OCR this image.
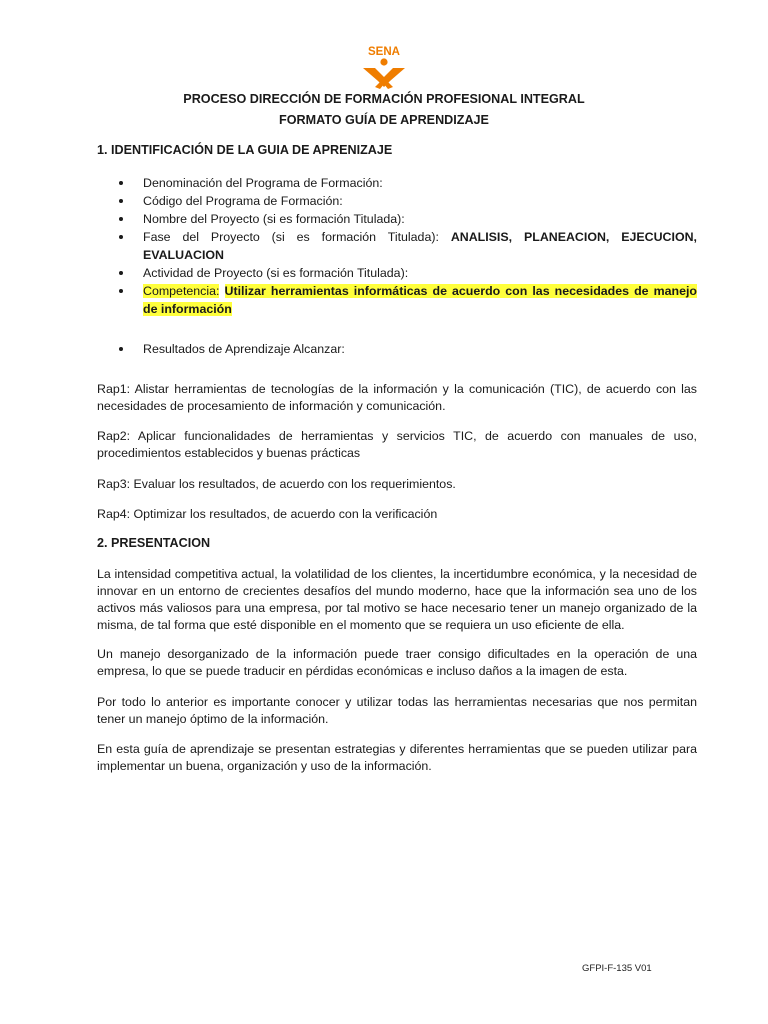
SENA
PROCESO DIRECCIÓN DE FORMACIÓN PROFESIONAL INTEGRAL
FORMATO GUÍA DE APRENDIZAJE
1. IDENTIFICACIÓN DE LA GUIA DE APRENIZAJE
Denominación del Programa de Formación:
Código del Programa de Formación:
Nombre del Proyecto (si es formación Titulada):
Fase del Proyecto (si es formación Titulada): ANALISIS, PLANEACION, EJECUCION, EVALUACION
Actividad de Proyecto (si es formación Titulada):
Competencia: Utilizar herramientas informáticas de acuerdo con las necesidades de manejo de información
Resultados de Aprendizaje Alcanzar:

Rap1: Alistar herramientas de tecnologías de la información y la comunicación (TIC), de acuerdo con las necesidades de procesamiento de información y comunicación.

Rap2: Aplicar funcionalidades de herramientas y servicios TIC, de acuerdo con manuales de uso, procedimientos establecidos y buenas prácticas

Rap3: Evaluar los resultados, de acuerdo con los requerimientos.

Rap4: Optimizar los resultados, de acuerdo con la verificación

2. PRESENTACION

La intensidad competitiva actual, la volatilidad de los clientes, la incertidumbre económica, y la necesidad de innovar en un entorno de crecientes desafíos del mundo moderno, hace que la información sea uno de los activos más valiosos para una empresa, por tal motivo se hace necesario tener un manejo organizado de la misma, de tal forma que esté disponible en el momento que se requiera un uso eficiente de ella.

Un manejo desorganizado de la información puede traer consigo dificultades en la operación de una empresa, lo que se puede traducir en pérdidas económicas e incluso daños a la imagen de esta.

Por todo lo anterior es importante conocer y utilizar todas las herramientas necesarias que nos permitan tener un manejo óptimo de la información.

En esta guía de aprendizaje se presentan estrategias y diferentes herramientas que se pueden utilizar para implementar un buena, organización y uso de la información.

GFPI-F-135 V01
